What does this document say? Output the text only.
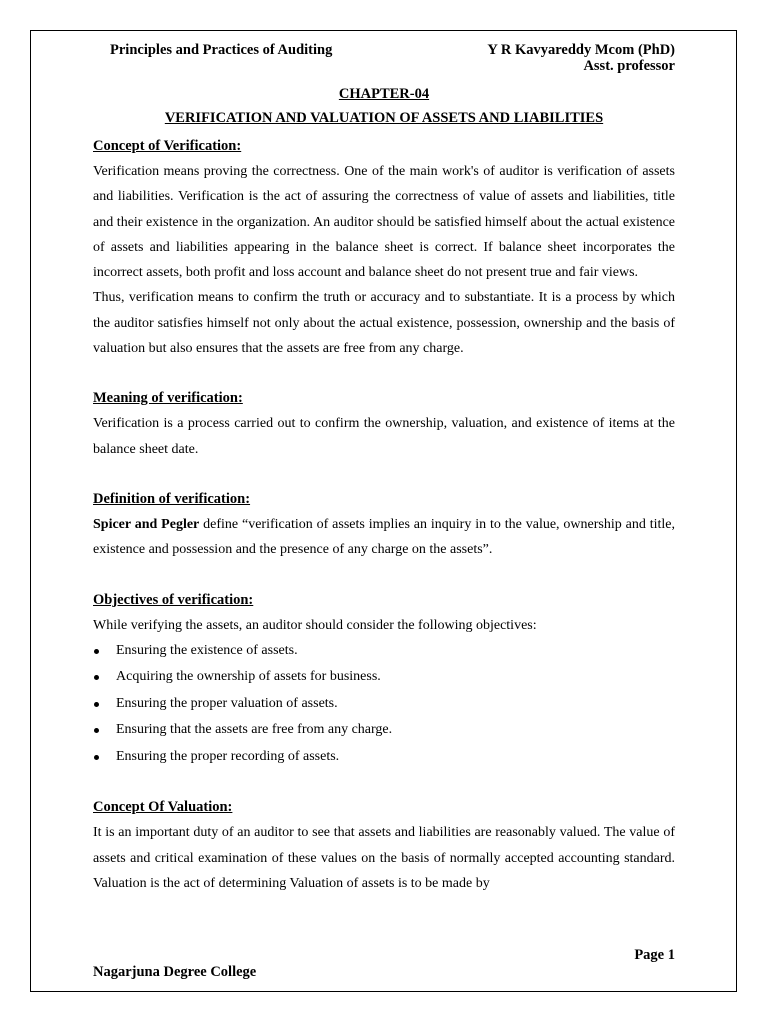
Principles and Practices of Auditing	Y R Kavyareddy Mcom (PhD)
Asst. professor
CHAPTER-04
VERIFICATION AND VALUATION OF ASSETS AND LIABILITIES
Concept of Verification:
Verification means proving the correctness. One of the main work's of auditor is verification of assets and liabilities. Verification is the act of assuring the correctness of value of assets and liabilities, title and their existence in the organization. An auditor should be satisfied himself about the actual existence of assets and liabilities appearing in the balance sheet is correct. If balance sheet incorporates the incorrect assets, both profit and loss account and balance sheet do not present true and fair views.
Thus, verification means to confirm the truth or accuracy and to substantiate. It is a process by which the auditor satisfies himself not only about the actual existence, possession, ownership and the basis of valuation but also ensures that the assets are free from any charge.
Meaning of verification:
Verification is a process carried out to confirm the ownership, valuation, and existence of items at the balance sheet date.
Definition of verification:
Spicer and Pegler define “verification of assets implies an inquiry in to the value, ownership and title, existence and possession and the presence of any charge on the assets”.
Objectives of verification:
While verifying the assets, an auditor should consider the following objectives:
Ensuring the existence of assets.
Acquiring the ownership of assets for business.
Ensuring the proper valuation of assets.
Ensuring that the assets are free from any charge.
Ensuring the proper recording of assets.
Concept Of Valuation:
It is an important duty of an auditor to see that assets and liabilities are reasonably valued. The value of assets and critical examination of these values on the basis of normally accepted accounting standard. Valuation is the act of determining Valuation of assets is to be made by
Page 1
Nagarjuna Degree College
